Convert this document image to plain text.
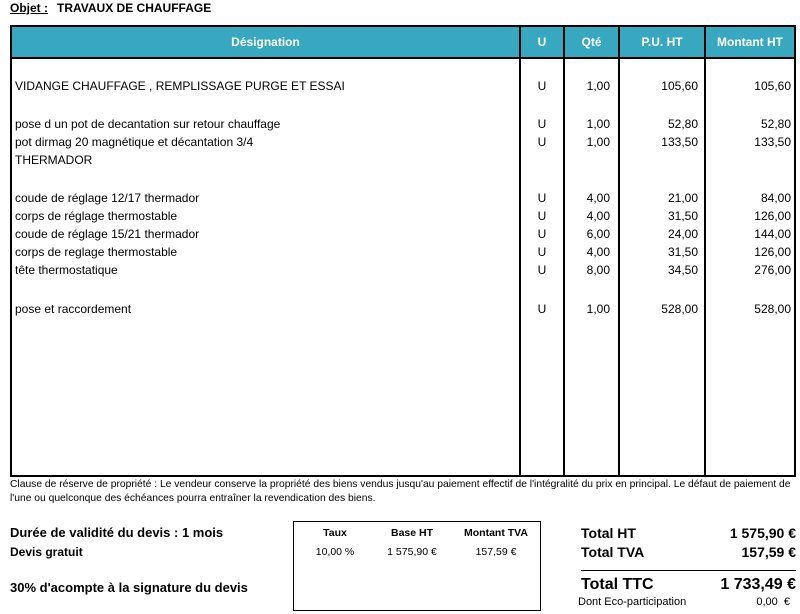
Objet : TRAVAUX DE CHAUFFAGE
Désignation	U	Qté	P.U. HT	Montant HT
VIDANGE CHAUFFAGE , REMPLISSAGE PURGE ET ESSAI	U	1,00	105,60	105,60
pose d un pot de decantation sur retour chauffage	U	1,00	52,80	52,80
pot dirmag 20 magnétique et décantation 3/4	U	1,00	133,50	133,50
THERMADOR
coude de réglage 12/17 thermador	U	4,00	21,00	84,00
corps de réglage thermostable	U	4,00	31,50	126,00
coude de réglage 15/21 thermador	U	6,00	24,00	144,00
corps de reglage thermostable	U	4,00	31,50	126,00
tête thermostatique	U	8,00	34,50	276,00
pose et raccordement	U	1,00	528,00	528,00
Clause de réserve de propriété : Le vendeur conserve la propriété des biens vendus jusqu'au paiement effectif de l'intégralité du prix en principal. Le défaut de paiement de l'une ou quelconque des échéances pourra entraîner la revendication des biens.
Durée de validité du devis : 1 mois
Devis gratuit
30% d'acompte à la signature du devis
Taux	Base HT	Montant TVA
10,00 %	1 575,90 €	157,59 €
Total HT	1 575,90 €
Total TVA	157,59 €
Total TTC	1 733,49 €
Dont Eco-participation	0,00  €
